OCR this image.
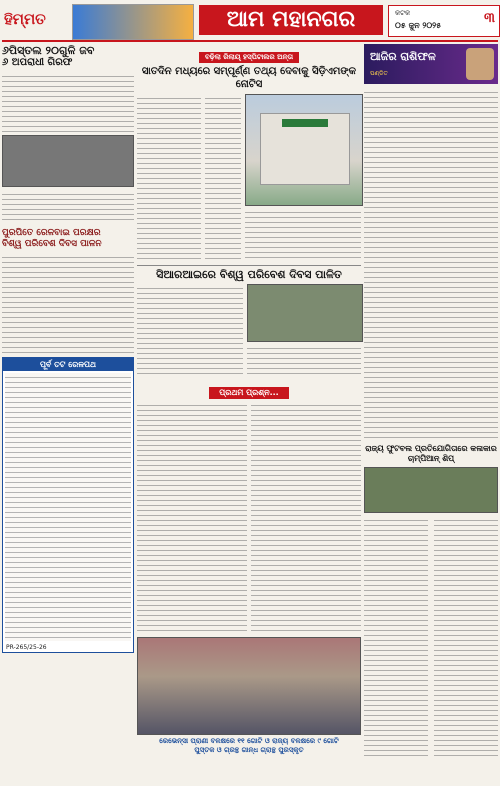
ହିମ୍ମତ	ଆମ ମହାନଗର	କଟକ
୦୫ ଜୁନ ୨୦୨୫	୩
୬ପିସ୍ତଲ ୨୦ଗୁଳି ଜବ
୬ ଅପରାଧୀ ଗିରଫ
ପୁରପିତେ ରେଳବାଇ ପରକ୍ଷର
ବିଶ୍ୱ ପରିବେଶ ଦିବସ ପାଳନ
ପୂର୍ବ ତଟ ରେଳପଥ
PR-265/25-26
ବଢ଼ିଲା ରିଲାୟ୍ ହସ୍ପିଟାଲର ଅନ୍ତା
ସାତଦିନ ମଧ୍ୟରେ ସମ୍ପୂର୍ଣ୍ଣ ତଥ୍ୟ ଦେବାକୁ ସିଡ଼ିଏମଙ୍କ ନୋଟିସ
ସିଆରଆଇରେ ବିଶ୍ୱ ପରିବେଶ ଦିବସ ପାଳିତ
ପ୍ରଥମ ପ୍ରଶ୍ନ...
ରେଭେନ୍ସା ପ୍ରାଣୀ ବଳକ୍ଷରେ ୧୧ ଗୋଟି ଓ ରାଜ୍ୟ ବଳକ୍ଷରେ ୯ ଗୋଟି
ପୁସ୍ତକ ଓ ଗ୍ରନ୍ଥ ଗାନ୍ଧ ଗ୍ରାନ୍ଥ ପୁରସ୍କୃତ
ଆଜିର ରାଶିଫଳ
ପଣ୍ଡିତ
ରାଜ୍ୟ ଫୁଟବଲ ପ୍ରତିଯୋଗିତାରେ କଳାକାର
ଚାମ୍ପିଆନ୍ ଶିପ୍
